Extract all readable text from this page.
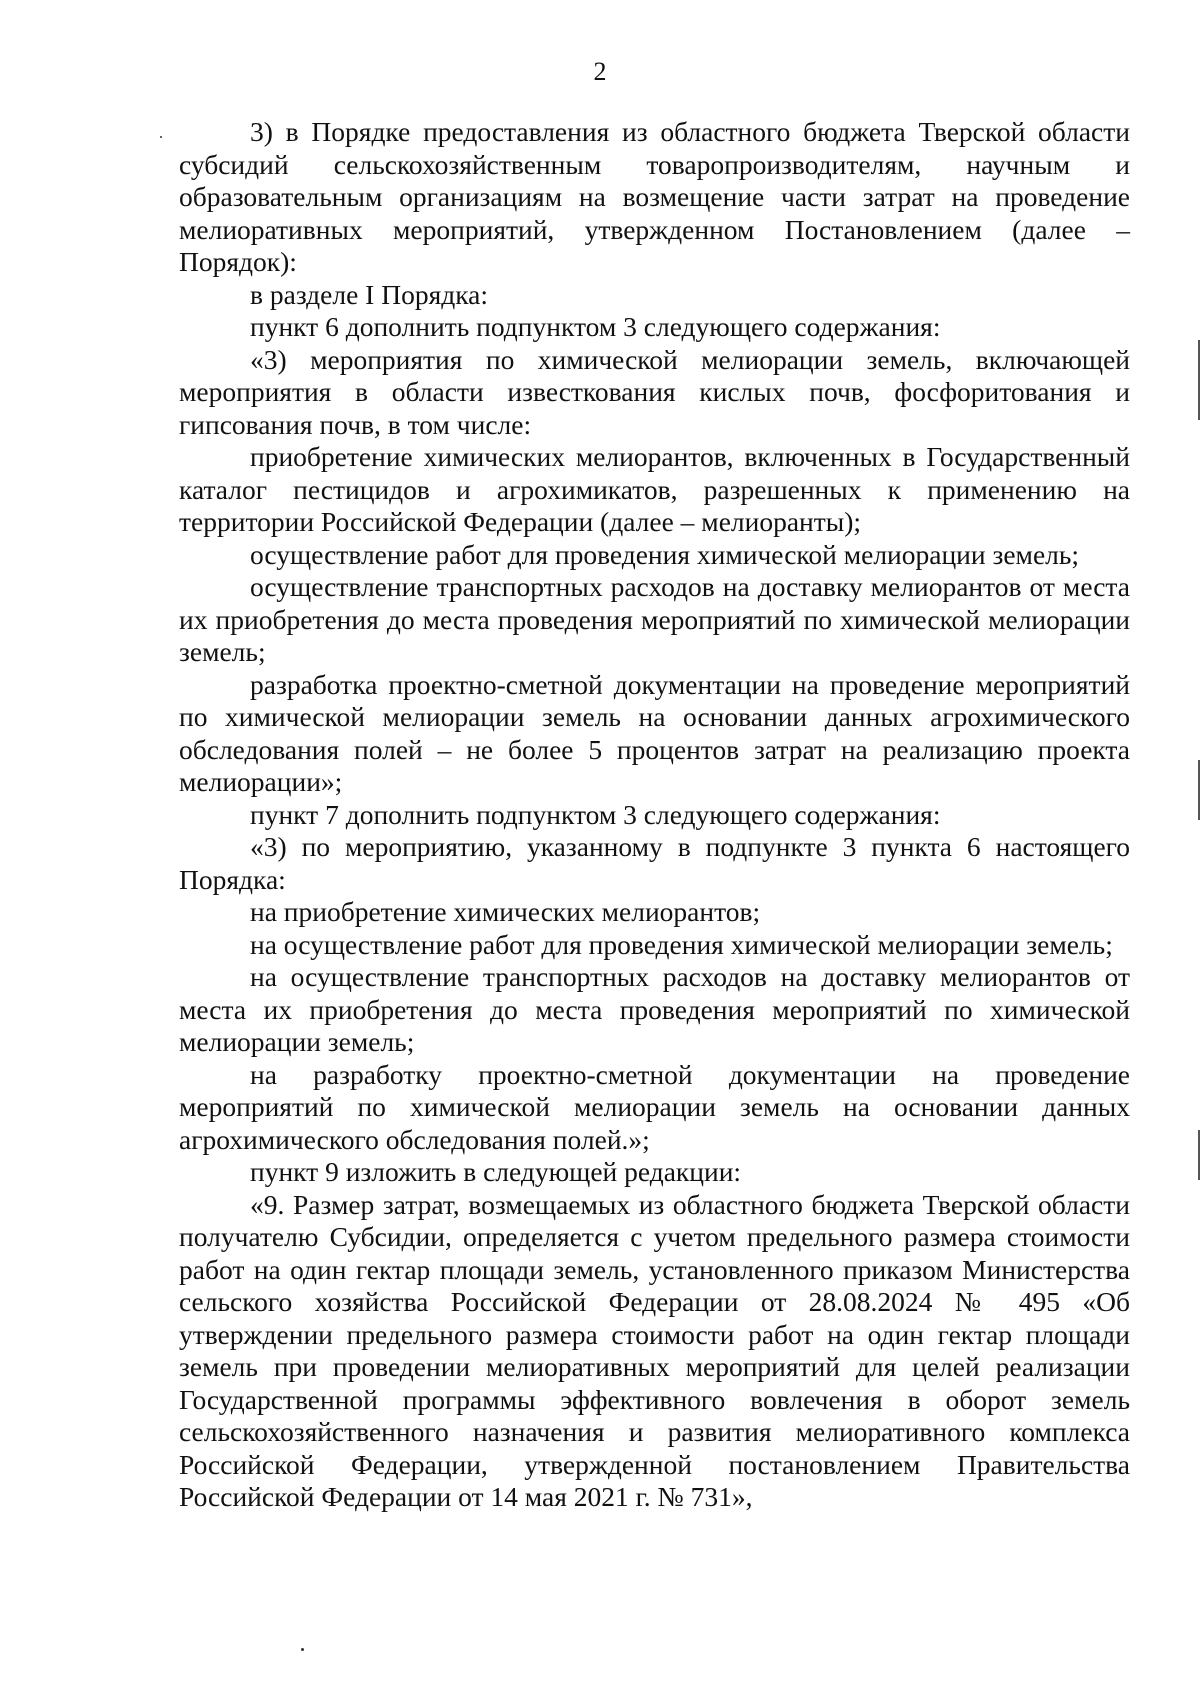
2

3) в Порядке предоставления из областного бюджета Тверской области субсидий сельскохозяйственным товаропроизводителям, научным и образовательным организациям на возмещение части затрат на проведение мелиоративных мероприятий, утвержденном Постановлением (далее – Порядок):

в разделе I Порядка:

пункт 6 дополнить подпунктом 3 следующего содержания:

«3) мероприятия по химической мелиорации земель, включающей мероприятия в области известкования кислых почв, фосфоритования и гипсования почв, в том числе:

приобретение химических мелиорантов, включенных в Государственный каталог пестицидов и агрохимикатов, разрешенных к применению на территории Российской Федерации (далее – мелиоранты);

осуществление работ для проведения химической мелиорации земель;

осуществление транспортных расходов на доставку мелиорантов от места их приобретения до места проведения мероприятий по химической мелиорации земель;

разработка проектно-сметной документации на проведение мероприятий по химической мелиорации земель на основании данных агрохимического обследования полей – не более 5 процентов затрат на реализацию проекта мелиорации»;

пункт 7 дополнить подпунктом 3 следующего содержания:

«3) по мероприятию, указанному в подпункте 3 пункта 6 настоящего Порядка:

на приобретение химических мелиорантов;

на осуществление работ для проведения химической мелиорации земель;

на осуществление транспортных расходов на доставку мелиорантов от места их приобретения до места проведения мероприятий по химической мелиорации земель;

на разработку проектно-сметной документации на проведение мероприятий по химической мелиорации земель на основании данных агрохимического обследования полей.»;

пункт 9 изложить в следующей редакции:

«9. Размер затрат, возмещаемых из областного бюджета Тверской области получателю Субсидии, определяется с учетом предельного размера стоимости работ на один гектар площади земель, установленного приказом Министерства сельского хозяйства Российской Федерации от 28.08.2024 № 495 «Об утверждении предельного размера стоимости работ на один гектар площади земель при проведении мелиоративных мероприятий для целей реализации Государственной программы эффективного вовлечения в оборот земель сельскохозяйственного назначения и развития мелиоративного комплекса Российской Федерации, утвержденной постановлением Правительства Российской Федерации от 14 мая 2021 г. № 731»,
